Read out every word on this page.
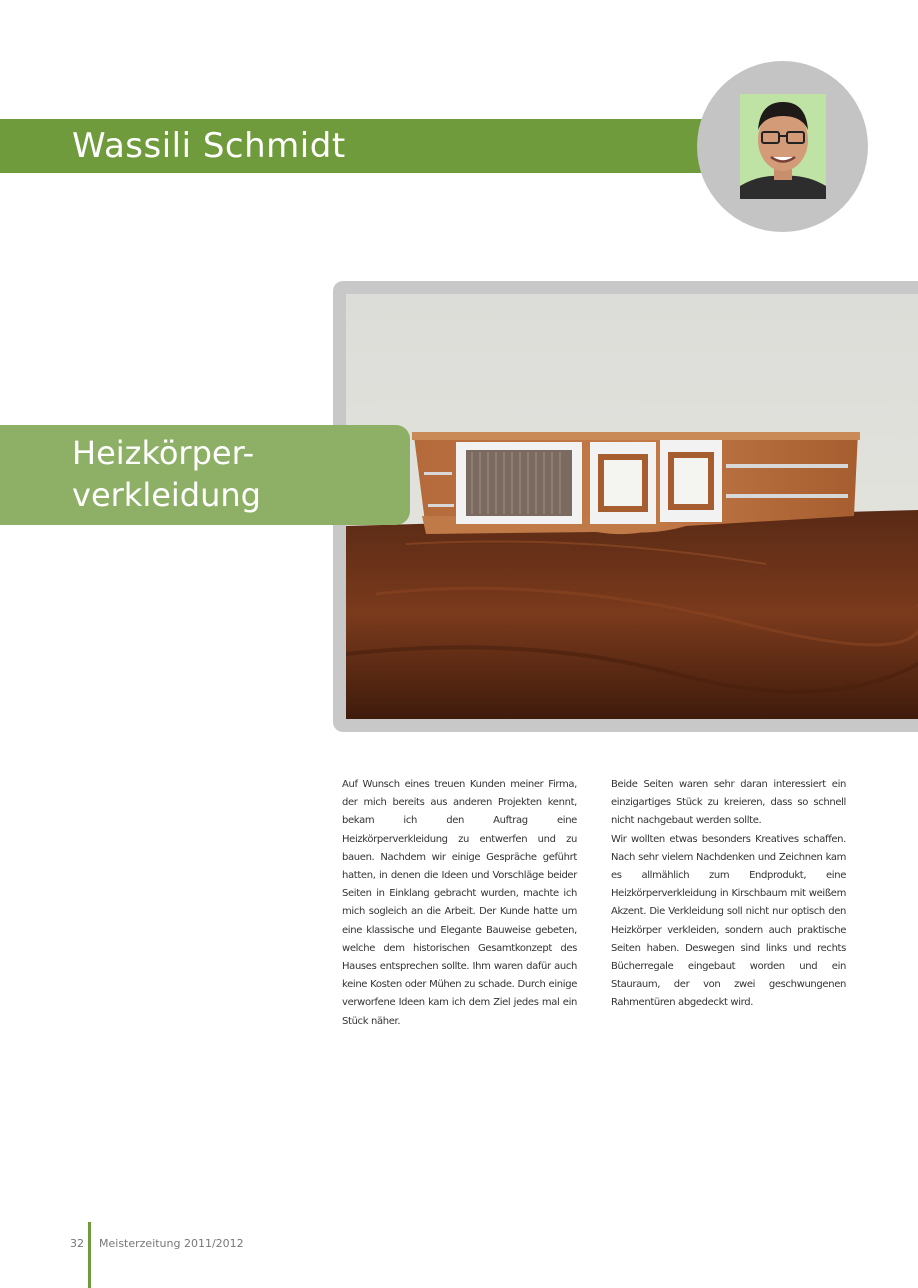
Wassili Schmidt
Heizkörper-
verkleidung

Auf Wunsch eines treuen Kunden meiner Firma, der mich bereits aus anderen Projekten kennt, bekam ich den Auftrag eine Heizkörperverkleidung zu entwerfen und zu bauen. Nachdem wir einige Gespräche geführt hatten, in denen die Ideen und Vorschläge beider Seiten in Einklang gebracht wurden, machte ich mich sogleich an die Arbeit. Der Kunde hatte um eine klassische und Elegante Bauweise gebeten, welche dem historischen Gesamtkonzept des Hauses entsprechen sollte. Ihm waren dafür auch keine Kosten oder Mühen zu schade. Durch einige verworfene Ideen kam ich dem Ziel jedes mal ein Stück näher.

Beide Seiten waren sehr daran interessiert ein einzigartiges Stück zu kreieren, dass so schnell nicht nachgebaut werden sollte.

Wir wollten etwas besonders Kreatives schaffen. Nach sehr vielem Nachdenken und Zeichnen kam es allmählich zum Endprodukt, eine Heizkörperverkleidung in Kirschbaum mit weißem Akzent. Die Verkleidung soll nicht nur optisch den Heizkörper verkleiden, sondern auch praktische Seiten haben. Deswegen sind links und rechts Bücherregale eingebaut worden und ein Stauraum, der von zwei geschwungenen Rahmentüren abgedeckt wird.

32 Meisterzeitung 2011/2012
